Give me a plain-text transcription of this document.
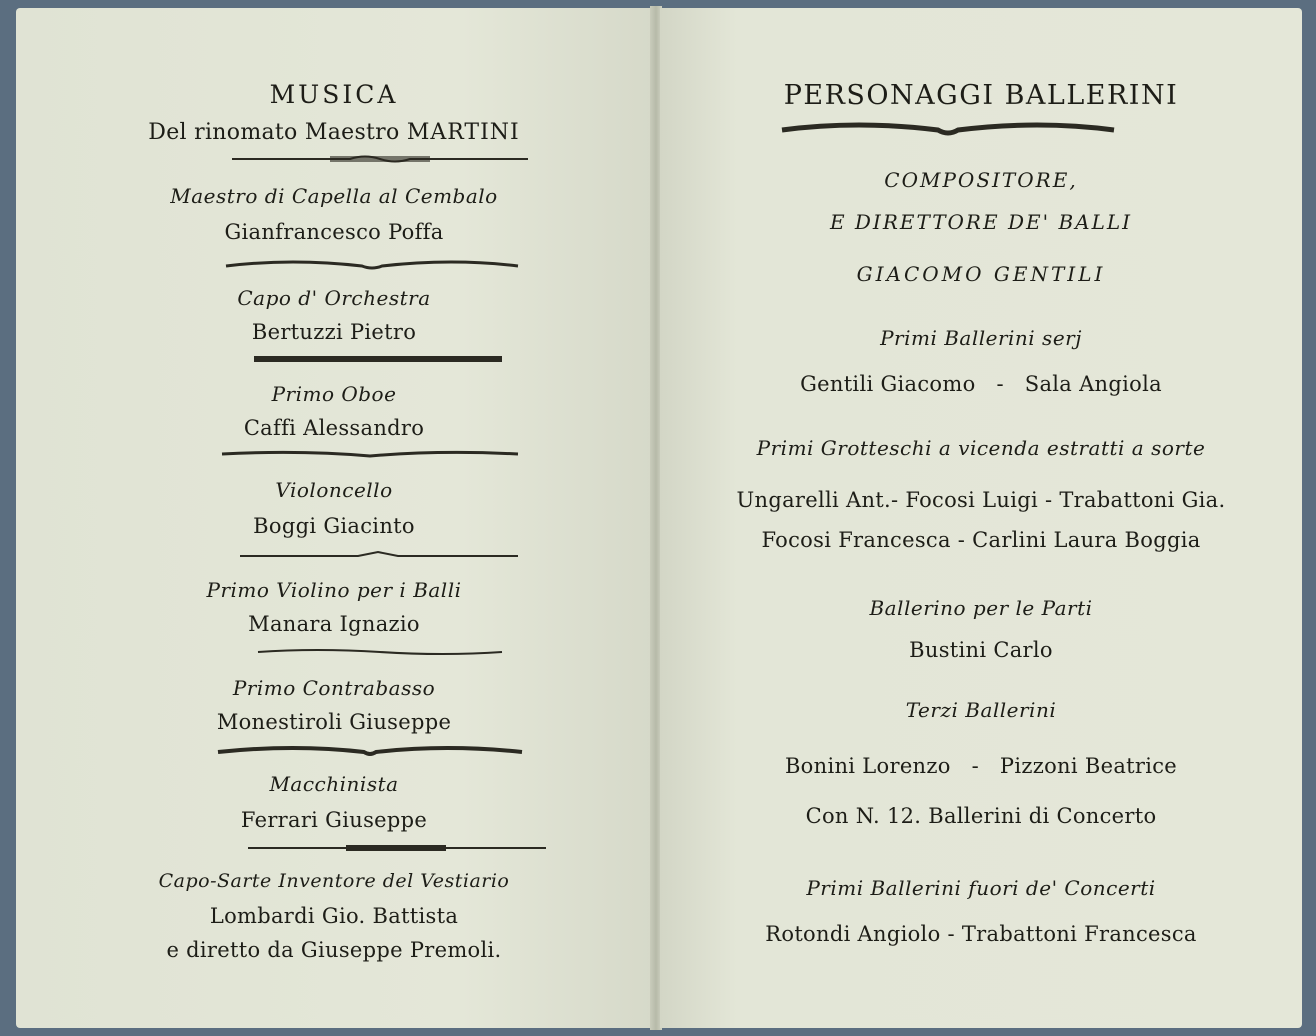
MUSICA
Del rinomato Maestro MARTINI
Maestro di Capella al Cembalo
Gianfrancesco Poffa
Capo d' Orchestra
Bertuzzi Pietro
Primo Oboe
Caffi Alessandro
Violoncello
Boggi Giacinto
Primo Violino per i Balli
Manara Ignazio
Primo Contrabasso
Monestiroli Giuseppe
Macchinista
Ferrari Giuseppe
Capo-Sarte Inventore del Vestiario
Lombardi Gio. Battista
e diretto da Giuseppe Premoli.
PERSONAGGI BALLERINI
COMPOSITORE,
E DIRETTORE DE' BALLI
GIACOMO GENTILI
Primi Ballerini serj
Gentili Giacomo   -   Sala Angiola
Primi Grotteschi a vicenda estratti a sorte
Ungarelli Ant.- Focosi Luigi - Trabattoni Gia.
Focosi Francesca - Carlini Laura Boggia
Ballerino per le Parti
Bustini Carlo
Terzi Ballerini
Bonini Lorenzo   -   Pizzoni Beatrice
Con N. 12. Ballerini di Concerto
Primi Ballerini fuori de' Concerti
Rotondi Angiolo - Trabattoni Francesca
